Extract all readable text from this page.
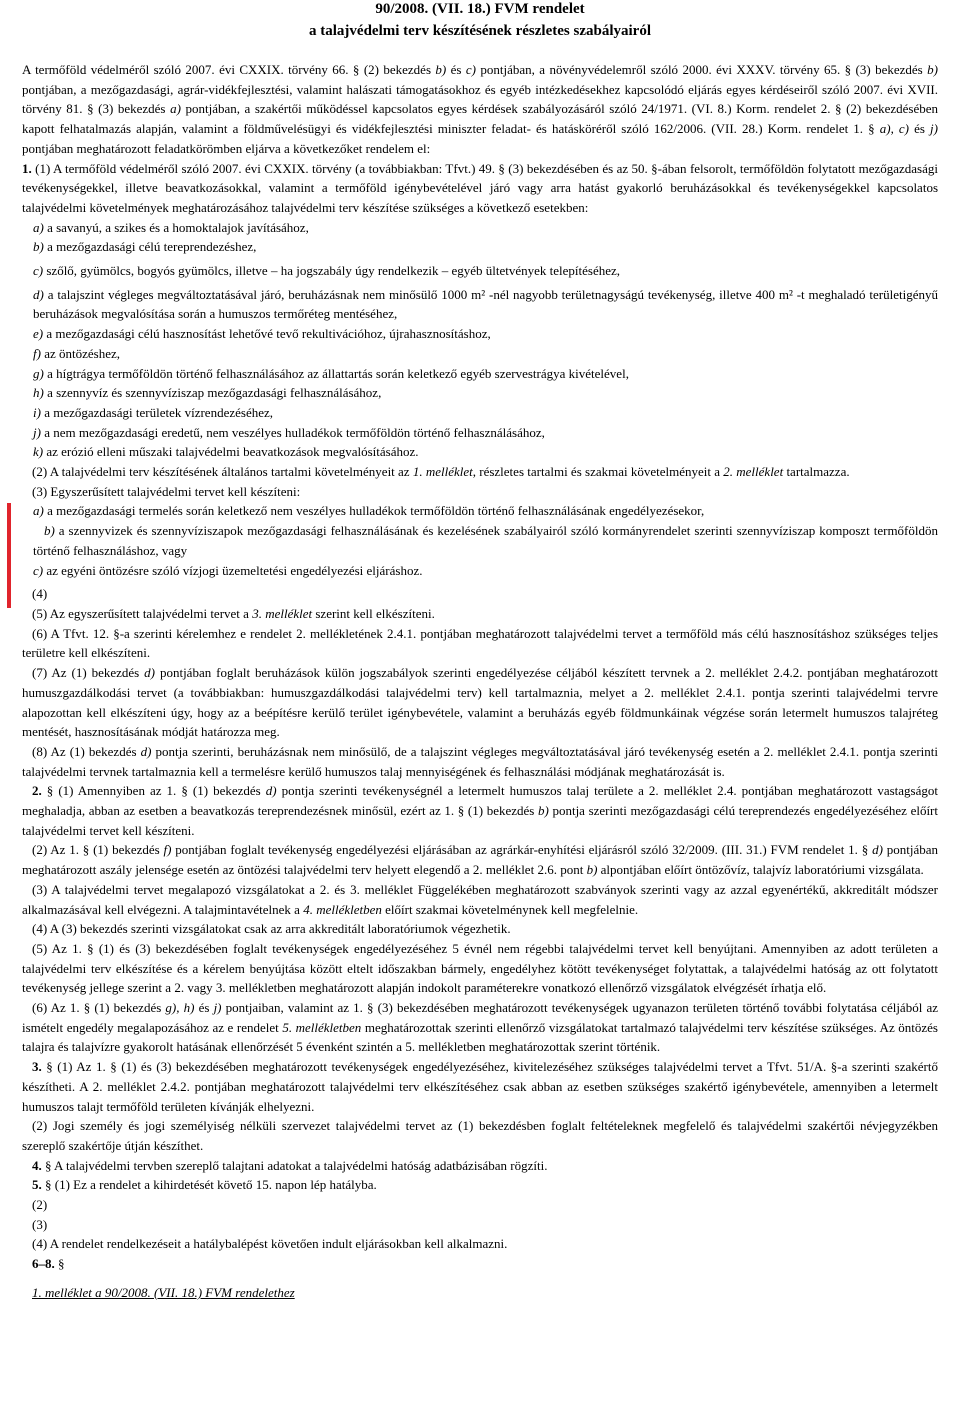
90/2008. (VII. 18.) FVM rendelet
a talajvédelmi terv készítésének részletes szabályairól

A termőföld védelméről szóló 2007. évi CXXIX. törvény 66. § (2) bekezdés b) és c) pontjában, a növényvédelemről szóló 2000. évi XXXV. törvény 65. § (3) bekezdés b) pontjában, a mezőgazdasági, agrár-vidékfejlesztési, valamint halászati támogatásokhoz és egyéb intézkedésekhez kapcsolódó eljárás egyes kérdéseiről szóló 2007. évi XVII. törvény 81. § (3) bekezdés a) pontjában, a szakértői működéssel kapcsolatos egyes kérdések szabályozásáról szóló 24/1971. (VI. 8.) Korm. rendelet 2. § (2) bekezdésében kapott felhatalmazás alapján, valamint a földművelésügyi és vidékfejlesztési miniszter feladat- és hatásköréről szóló 162/2006. (VII. 28.) Korm. rendelet 1. § a), c) és j) pontjában meghatározott feladatkörömben eljárva a következőket rendelem el:

1. (1) A termőföld védelméről szóló 2007. évi CXXIX. törvény (a továbbiakban: Tfvt.) 49. § (3) bekezdésében és az 50. §-ában felsorolt, termőföldön folytatott mezőgazdasági tevékenységekkel, illetve beavatkozásokkal, valamint a termőföld igénybevételével járó vagy arra hatást gyakorló beruházásokkal és tevékenységekkel kapcsolatos talajvédelmi követelmények meghatározásához talajvédelmi terv készítése szükséges a következő esetekben:

a) a savanyú, a szikes és a homoktalajok javításához,

b) a mezőgazdasági célú tereprendezéshez,

c) szőlő, gyümölcs, bogyós gyümölcs, illetve – ha jogszabály úgy rendelkezik – egyéb ültetvények telepítéséhez,

d) a talajszint végleges megváltoztatásával járó, beruházásnak nem minősülő 1000 m² -nél nagyobb területnagyságú tevékenység, illetve 400 m² -t meghaladó területigényű beruházások megvalósítása során a humuszos termőréteg mentéséhez,

e) a mezőgazdasági célú hasznosítást lehetővé tevő rekultivációhoz, újrahasznosításhoz,

f) az öntözéshez,

g) a hígtrágya termőföldön történő felhasználásához az állattartás során keletkező egyéb szervestrágya kivételével,

h) a szennyvíz és szennyvíziszap mezőgazdasági felhasználásához,

i) a mezőgazdasági területek vízrendezéséhez,

j) a nem mezőgazdasági eredetű, nem veszélyes hulladékok termőföldön történő felhasználásához,

k) az erózió elleni műszaki talajvédelmi beavatkozások megvalósításához.

(2) A talajvédelmi terv készítésének általános tartalmi követelményeit az 1. melléklet, részletes tartalmi és szakmai követelményeit a 2. melléklet tartalmazza.

(3) Egyszerűsített talajvédelmi tervet kell készíteni:

a) a mezőgazdasági termelés során keletkező nem veszélyes hulladékok termőföldön történő felhasználásának engedélyezésekor,

b) a szennyvizek és szennyvíziszapok mezőgazdasági felhasználásának és kezelésének szabályairól szóló kormányrendelet szerinti szennyvíziszap komposzt termőföldön történő felhasználáshoz, vagy

c) az egyéni öntözésre szóló vízjogi üzemeltetési engedélyezési eljáráshoz.

(4)

(5) Az egyszerűsített talajvédelmi tervet a 3. melléklet szerint kell elkészíteni.

(6) A Tfvt. 12. §-a szerinti kérelemhez e rendelet 2. mellékletének 2.4.1. pontjában meghatározott talajvédelmi tervet a termőföld más célú hasznosításhoz szükséges teljes területre kell elkészíteni.

(7) Az (1) bekezdés d) pontjában foglalt beruházások külön jogszabályok szerinti engedélyezése céljából készített tervnek a 2. melléklet 2.4.2. pontjában meghatározott humuszgazdálkodási tervet (a továbbiakban: humuszgazdálkodási talajvédelmi terv) kell tartalmaznia, melyet a 2. melléklet 2.4.1. pontja szerinti talajvédelmi tervre alapozottan kell elkészíteni úgy, hogy az a beépítésre kerülő terület igénybevétele, valamint a beruházás egyéb földmunkáinak végzése során letermelt humuszos talajréteg mentését, hasznosításának módját határozza meg.

(8) Az (1) bekezdés d) pontja szerinti, beruházásnak nem minősülő, de a talajszint végleges megváltoztatásával járó tevékenység esetén a 2. melléklet 2.4.1. pontja szerinti talajvédelmi tervnek tartalmaznia kell a termelésre kerülő humuszos talaj mennyiségének és felhasználási módjának meghatározását is.

2. § (1) Amennyiben az 1. § (1) bekezdés d) pontja szerinti tevékenységnél a letermelt humuszos talaj területe a 2. melléklet 2.4. pontjában meghatározott vastagságot meghaladja, abban az esetben a beavatkozás tereprendezésnek minősül, ezért az 1. § (1) bekezdés b) pontja szerinti mezőgazdasági célú tereprendezés engedélyezéséhez előírt talajvédelmi tervet kell készíteni.

(2) Az 1. § (1) bekezdés f) pontjában foglalt tevékenység engedélyezési eljárásában az agrárkár-enyhítési eljárásról szóló 32/2009. (III. 31.) FVM rendelet 1. § d) pontjában meghatározott aszály jelensége esetén az öntözési talajvédelmi terv helyett elegendő a 2. melléklet 2.6. pont b) alpontjában előírt öntözővíz, talajvíz laboratóriumi vizsgálata.

(3) A talajvédelmi tervet megalapozó vizsgálatokat a 2. és 3. melléklet Függelékében meghatározott szabványok szerinti vagy az azzal egyenértékű, akkreditált módszer alkalmazásával kell elvégezni. A talajmintavételnek a 4. mellékletben előírt szakmai követelménynek kell megfelelnie.

(4) A (3) bekezdés szerinti vizsgálatokat csak az arra akkreditált laboratóriumok végezhetik.

(5) Az 1. § (1) és (3) bekezdésében foglalt tevékenységek engedélyezéséhez 5 évnél nem régebbi talajvédelmi tervet kell benyújtani. Amennyiben az adott területen a talajvédelmi terv elkészítése és a kérelem benyújtása között eltelt időszakban bármely, engedélyhez kötött tevékenységet folytattak, a talajvédelmi hatóság az ott folytatott tevékenység jellege szerint a 2. vagy 3. mellékletben meghatározott alapján indokolt paraméterekre vonatkozó ellenőrző vizsgálatok elvégzését írhatja elő.

(6) Az 1. § (1) bekezdés g), h) és j) pontjaiban, valamint az 1. § (3) bekezdésében meghatározott tevékenységek ugyanazon területen történő további folytatása céljából az ismételt engedély megalapozásához az e rendelet 5. mellékletben meghatározottak szerinti ellenőrző vizsgálatokat tartalmazó talajvédelmi terv készítése szükséges. Az öntözés talajra és talajvízre gyakorolt hatásának ellenőrzését 5 évenként szintén a 5. mellékletben meghatározottak szerint történik.

3. § (1) Az 1. § (1) és (3) bekezdésében meghatározott tevékenységek engedélyezéséhez, kivitelezéséhez szükséges talajvédelmi tervet a Tfvt. 51/A. §-a szerinti szakértő készítheti. A 2. melléklet 2.4.2. pontjában meghatározott talajvédelmi terv elkészítéséhez csak abban az esetben szükséges szakértő igénybevétele, amennyiben a letermelt humuszos talajt termőföld területen kívánják elhelyezni.

(2) Jogi személy és jogi személyiség nélküli szervezet talajvédelmi tervet az (1) bekezdésben foglalt feltételeknek megfelelő és talajvédelmi szakértői névjegyzékben szereplő szakértője útján készíthet.

4. § A talajvédelmi tervben szereplő talajtani adatokat a talajvédelmi hatóság adatbázisában rögzíti.

5. § (1) Ez a rendelet a kihirdetését követő 15. napon lép hatályba.

(2)

(3)

(4) A rendelet rendelkezéseit a hatálybalépést követően indult eljárásokban kell alkalmazni.

6–8. §

1. melléklet a 90/2008. (VII. 18.) FVM rendelethez
